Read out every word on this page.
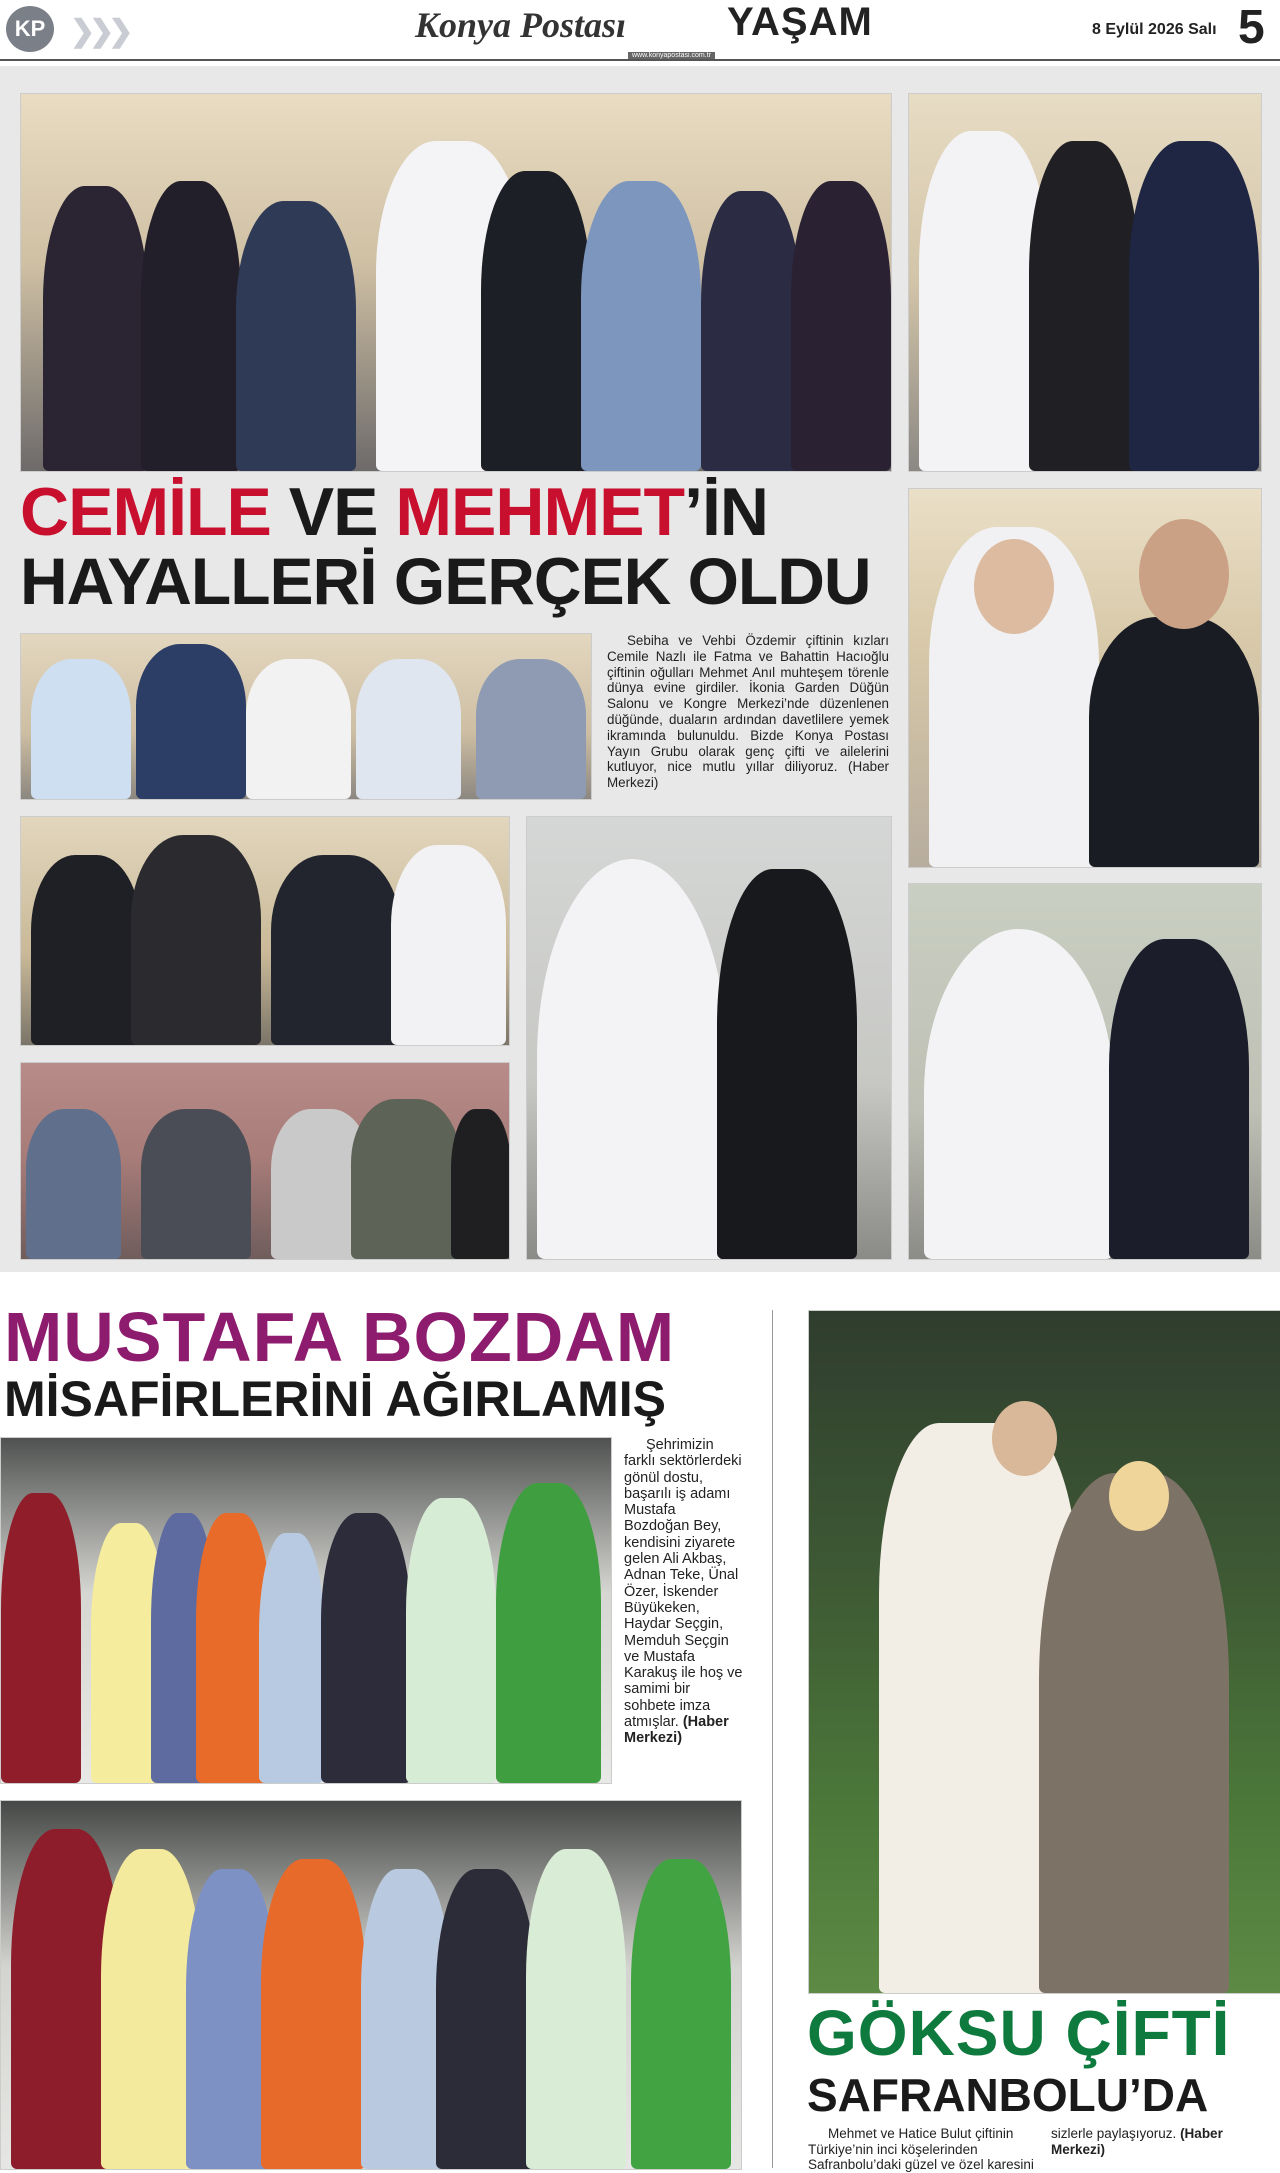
KP ❯❯❯	Konya Postası	YAŞAM
www.konyapostasi.com.tr
8 Eylül 2026 Salı 5
CEMİLE VE MEHMET’İN
HAYALLERİ GERÇEK OLDU

Sebiha ve Vehbi Özdemir çiftinin kızları Cemile Nazlı ile Fatma ve Bahattin Hacıoğlu çiftinin oğulları Mehmet Anıl muhteşem törenle dünya evine girdiler. İkonia Garden Düğün Salonu ve Kongre Merkezi’nde düzenlenen düğünde, duaların ardından davetlilere yemek ikramında bulunuldu. Bizde Konya Postası Yayın Grubu olarak genç çifti ve ailelerini kutluyor, nice mutlu yıllar diliyoruz. (Haber Merkezi)

MUSTAFA BOZDAM
MİSAFİRLERİNİ AĞIRLAMIŞ

Şehrimizin farklı sektörlerdeki gönül dostu, başarılı iş adamı Mustafa Bozdoğan Bey, kendisini ziyarete gelen Ali Akbaş, Adnan Teke, Ünal Özer, İskender Büyükeken, Haydar Seçgin, Memduh Seçgin ve Mustafa Karakuş ile hoş ve samimi bir sohbete imza atmışlar. (Haber Merkezi)

GÖKSU ÇİFTİ
SAFRANBOLU’DA

Mehmet ve Hatice Bulut çiftinin Türkiye’nin inci köşelerinden Safranbolu’daki güzel ve özel karesini sizlerle paylaşıyoruz. (Haber Merkezi)
